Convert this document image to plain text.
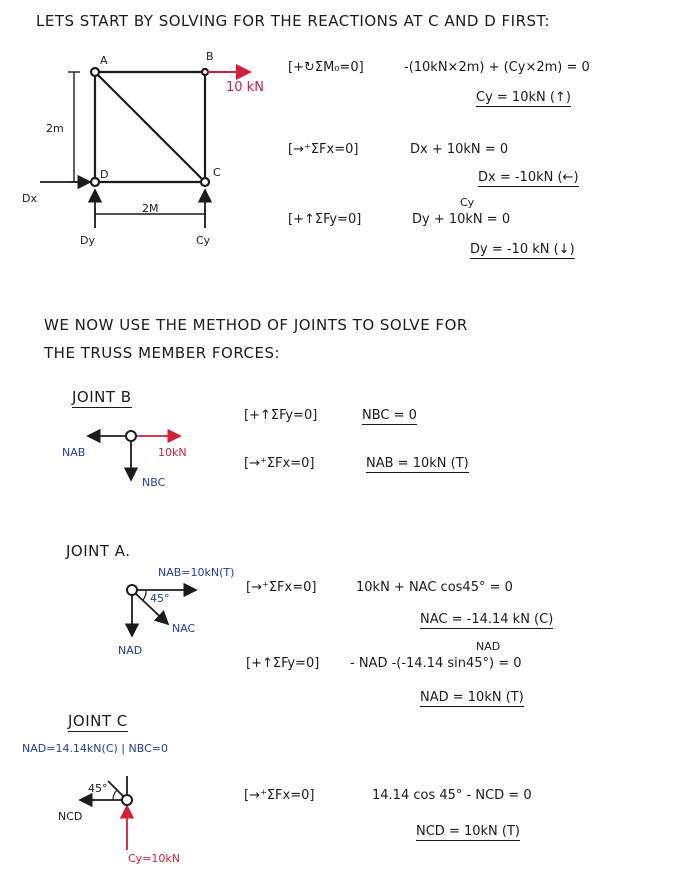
LETS START BY SOLVING FOR THE REACTIONS AT C AND D FIRST:
A	B
C
D
2m
2M
10 kN
Dx
Dy	Cy
[+↻ΣM₀=0]	-(10kN×2m) + (Cy×2m) = 0
Cy = 10kN (↑)
[→⁺ΣFx=0]	Dx + 10kN = 0
Dx = -10kN (←)
Cy
[+↑ΣFy=0]	Dy + 10kN = 0
Dy = -10 kN (↓)
WE NOW USE THE METHOD OF JOINTS TO SOLVE FOR
THE TRUSS MEMBER FORCES:
JOINT B
NAB	10kN
NBC
[+↑ΣFy=0]	NBC = 0
[→⁺ΣFx=0]	NAB = 10kN (T)
JOINT A.
NAB=10kN(T)
45°
NAC
NAD
[→⁺ΣFx=0]	10kN + NAC cos45° = 0
NAC = -14.14 kN (C)
NAD
[+↑ΣFy=0] - NAD -(-14.14 sin45°) = 0
NAD = 10kN (T)
JOINT C
NAD=14.14kN(C) | NBC=0
45°
NCD
Cy=10kN
[→⁺ΣFx=0]	14.14 cos 45° - NCD = 0
NCD = 10kN (T)
